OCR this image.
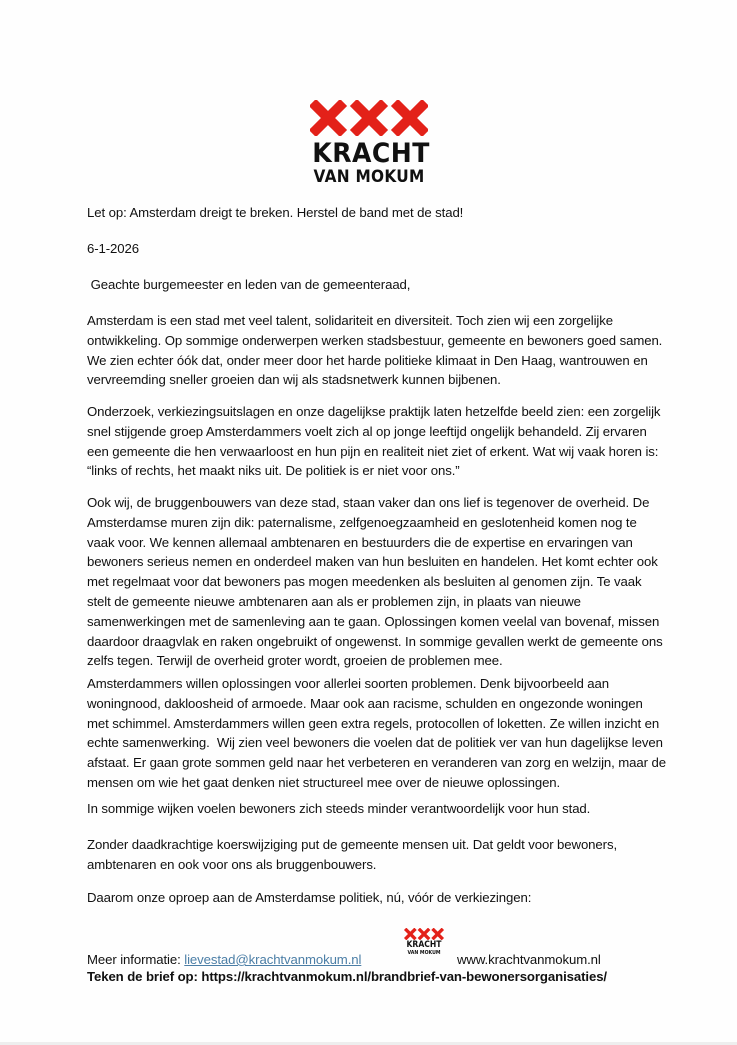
KRACHT
VAN MOKUM
Let op: Amsterdam dreigt te breken. Herstel de band met de stad!
6-1-2026
Geachte burgemeester en leden van de gemeenteraad,
Amsterdam is een stad met veel talent, solidariteit en diversiteit. Toch zien wij een zorgelijke ontwikkeling. Op sommige onderwerpen werken stadsbestuur, gemeente en bewoners goed samen. We zien echter óók dat, onder meer door het harde politieke klimaat in Den Haag, wantrouwen en vervreemding sneller groeien dan wij als stadsnetwerk kunnen bijbenen.
Onderzoek, verkiezingsuitslagen en onze dagelijkse praktijk laten hetzelfde beeld zien: een zorgelijk snel stijgende groep Amsterdammers voelt zich al op jonge leeftijd ongelijk behandeld. Zij ervaren een gemeente die hen verwaarloost en hun pijn en realiteit niet ziet of erkent. Wat wij vaak horen is: “links of rechts, het maakt niks uit. De politiek is er niet voor ons.”
Ook wij, de bruggenbouwers van deze stad, staan vaker dan ons lief is tegenover de overheid. De Amsterdamse muren zijn dik: paternalisme, zelfgenoegzaamheid en geslotenheid komen nog te vaak voor. We kennen allemaal ambtenaren en bestuurders die de expertise en ervaringen van bewoners serieus nemen en onderdeel maken van hun besluiten en handelen. Het komt echter ook met regelmaat voor dat bewoners pas mogen meedenken als besluiten al genomen zijn. Te vaak stelt de gemeente nieuwe ambtenaren aan als er problemen zijn, in plaats van nieuwe samenwerkingen met de samenleving aan te gaan. Oplossingen komen veelal van bovenaf, missen daardoor draagvlak en raken ongebruikt of ongewenst. In sommige gevallen werkt de gemeente ons zelfs tegen. Terwijl de overheid groter wordt, groeien de problemen mee.
Amsterdammers willen oplossingen voor allerlei soorten problemen. Denk bijvoorbeeld aan woningnood, dakloosheid of armoede. Maar ook aan racisme, schulden en ongezonde woningen met schimmel. Amsterdammers willen geen extra regels, protocollen of loketten. Ze willen inzicht en echte samenwerking.  Wij zien veel bewoners die voelen dat de politiek ver van hun dagelijkse leven afstaat. Er gaan grote sommen geld naar het verbeteren en veranderen van zorg en welzijn, maar de mensen om wie het gaat denken niet structureel mee over de nieuwe oplossingen.
In sommige wijken voelen bewoners zich steeds minder verantwoordelijk voor hun stad.
Zonder daadkrachtige koerswijziging put de gemeente mensen uit. Dat geldt voor bewoners, ambtenaren en ook voor ons als bruggenbouwers.
Daarom onze oproep aan de Amsterdamse politiek, nú, vóór de verkiezingen:
KRACHT
VAN MOKUM
Meer informatie: lievestad@krachtvanmokum.nl	www.krachtvanmokum.nl
Teken de brief op: https://krachtvanmokum.nl/brandbrief-van-bewonersorganisaties/
